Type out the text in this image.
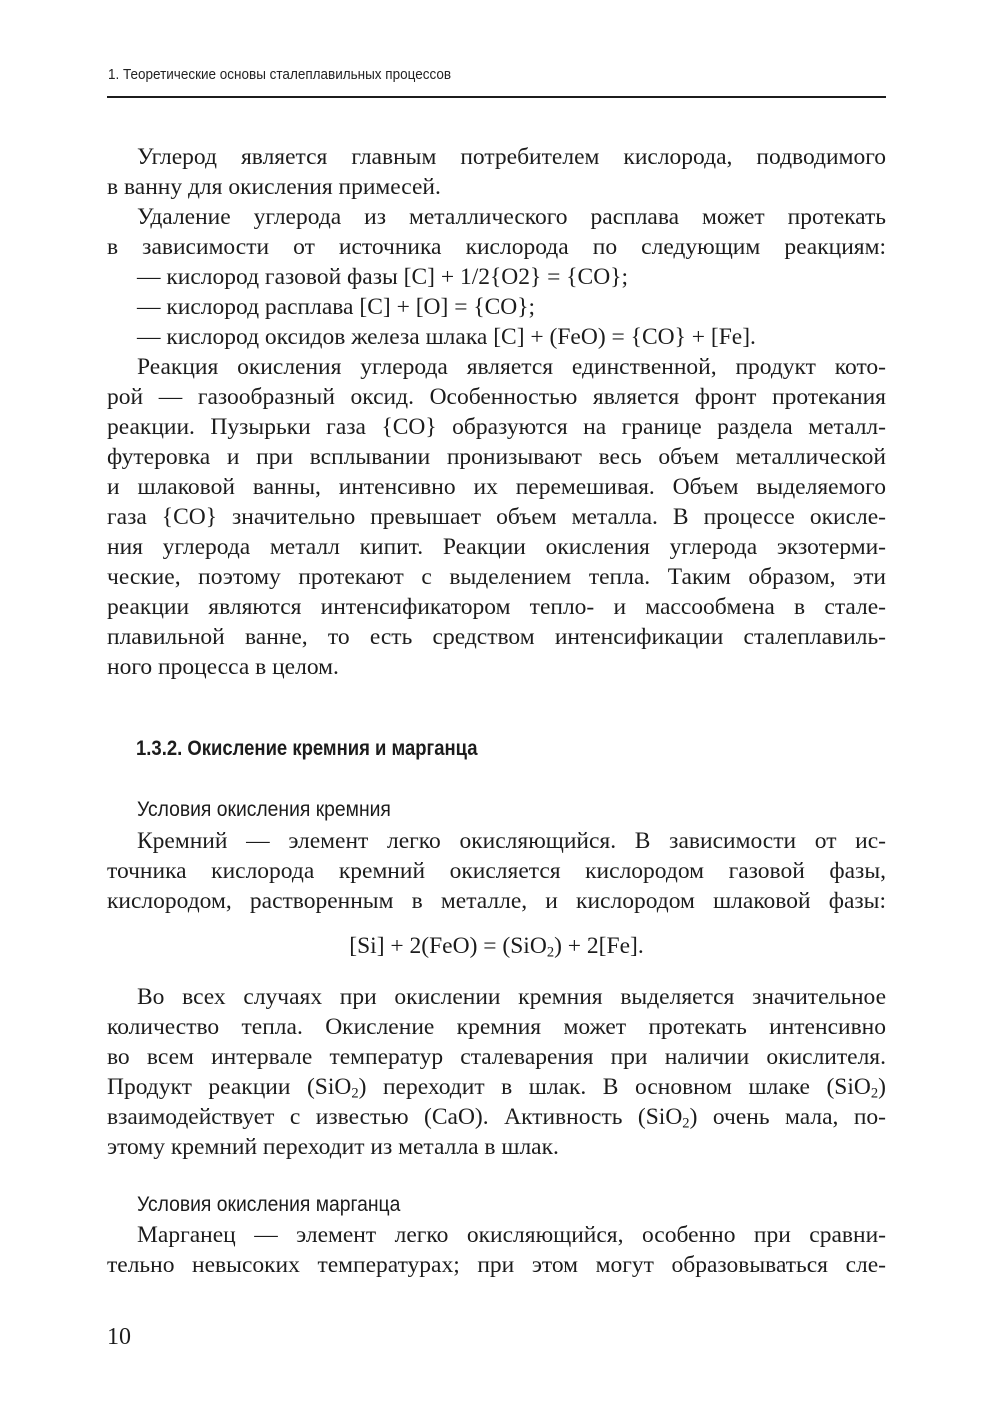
1. Теоретические основы сталеплавильных процессов
Углерод является главным потребителем кислорода, подводимого
в ванну для окисления примесей.
Удаление углерода из металлического расплава может протекать
в зависимости от источника кислорода по следующим реакциям:
— кислород газовой фазы [C] + 1/2{O2} = {CO};
— кислород расплава [C] + [O] = {CO};
— кислород оксидов железа шлака [C] + (FeO) = {CO} + [Fe].
Реакция окисления углерода является единственной, продукт кото-
рой — газообразный оксид. Особенностью является фронт протекания
реакции. Пузырьки газа {CO} образуются на границе раздела металл-
футеровка и при всплывании пронизывают весь объем металлической
и шлаковой ванны, интенсивно их перемешивая. Объем выделяемого
газа {CO} значительно превышает объем металла. В процессе окисле-
ния углерода металл кипит. Реакции окисления углерода экзотерми-
ческие, поэтому протекают с выделением тепла. Таким образом, эти
реакции являются интенсификатором тепло- и массообмена в стале-
плавильной ванне, то есть средством интенсификации сталеплавиль-
ного процесса в целом.
1.3.2. Окисление кремния и марганца
Условия окисления кремния
Кремний — элемент легко окисляющийся. В зависимости от ис-
точника кислорода кремний окисляется кислородом газовой фазы,
кислородом, растворенным в металле, и кислородом шлаковой фазы:
[Si] + 2(FeO) = (SiO$_2$) + 2[Fe].
Во всех случаях при окислении кремния выделяется значительное
количество тепла. Окисление кремния может протекать интенсивно
во всем интервале температур сталеварения при наличии окислителя.
Продукт реакции (SiO$_2$) переходит в шлак. В основном шлаке (SiO$_2$)
взаимодействует с известью (CaO). Активность (SiO$_2$) очень мала, по-
этому кремний переходит из металла в шлак.
Условия окисления марганца
Марганец — элемент легко окисляющийся, особенно при сравни-
тельно невысоких температурах; при этом могут образовываться сле-
10
